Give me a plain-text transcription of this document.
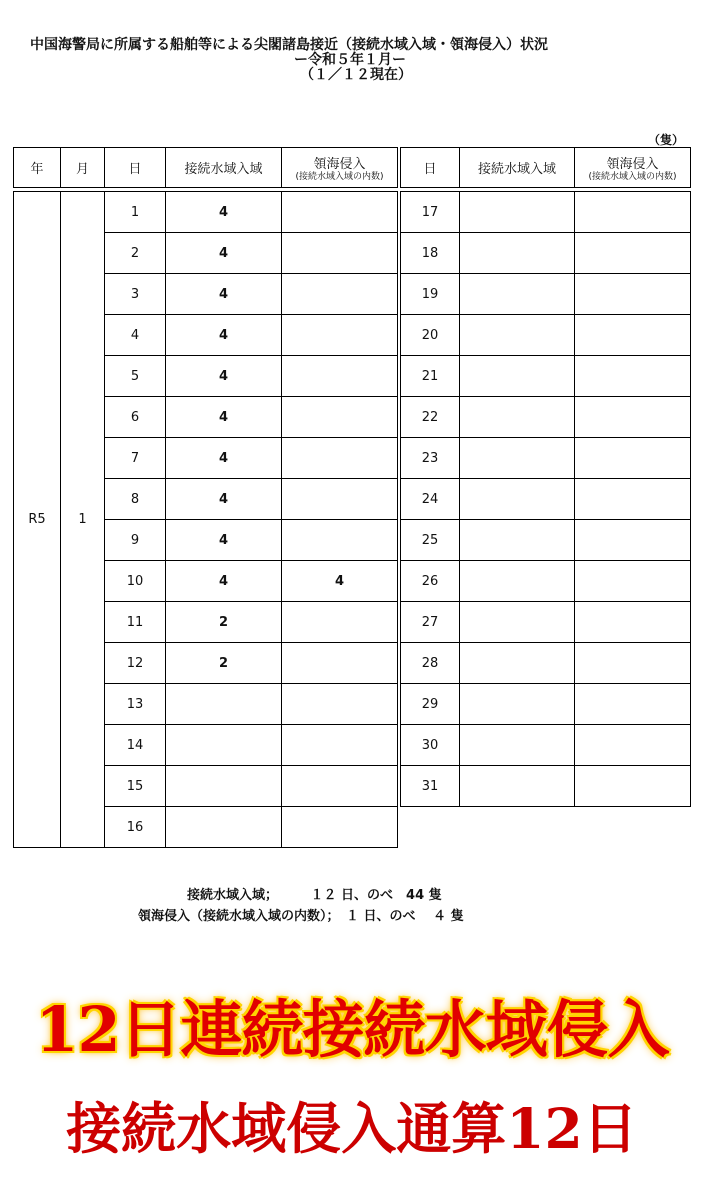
中国海警局に所属する船舶等による尖閣諸島接近（接続水域入域・領海侵入）状況
ー令和５年１月ー
（１／１２現在）
（隻）
年	月	日	接続水域入域	領海侵入
(接続水域入域の内数)

R5	1	1	4	
		2	4	
		3	4	
		4	4	
		5	4	
		6	4	
		7	4	
		8	4	
		9	4	
		10	4	4
		11	2	
		12	2	
		13		
		14		
		15		
		16		
日	接続水域入域	領海侵入
(接続水域入域の内数)

17		
18		
19		
20		
21		
22		
23		
24		
25		
26		
27		
28		
29		
30		
31		
接続水域入域；　　　１２ 日、のべ　44 隻
領海侵入（接続水域入域の内数）；　１ 日、のべ　 ４ 隻
12日連続接続水域侵入
接続水域侵入通算12日
